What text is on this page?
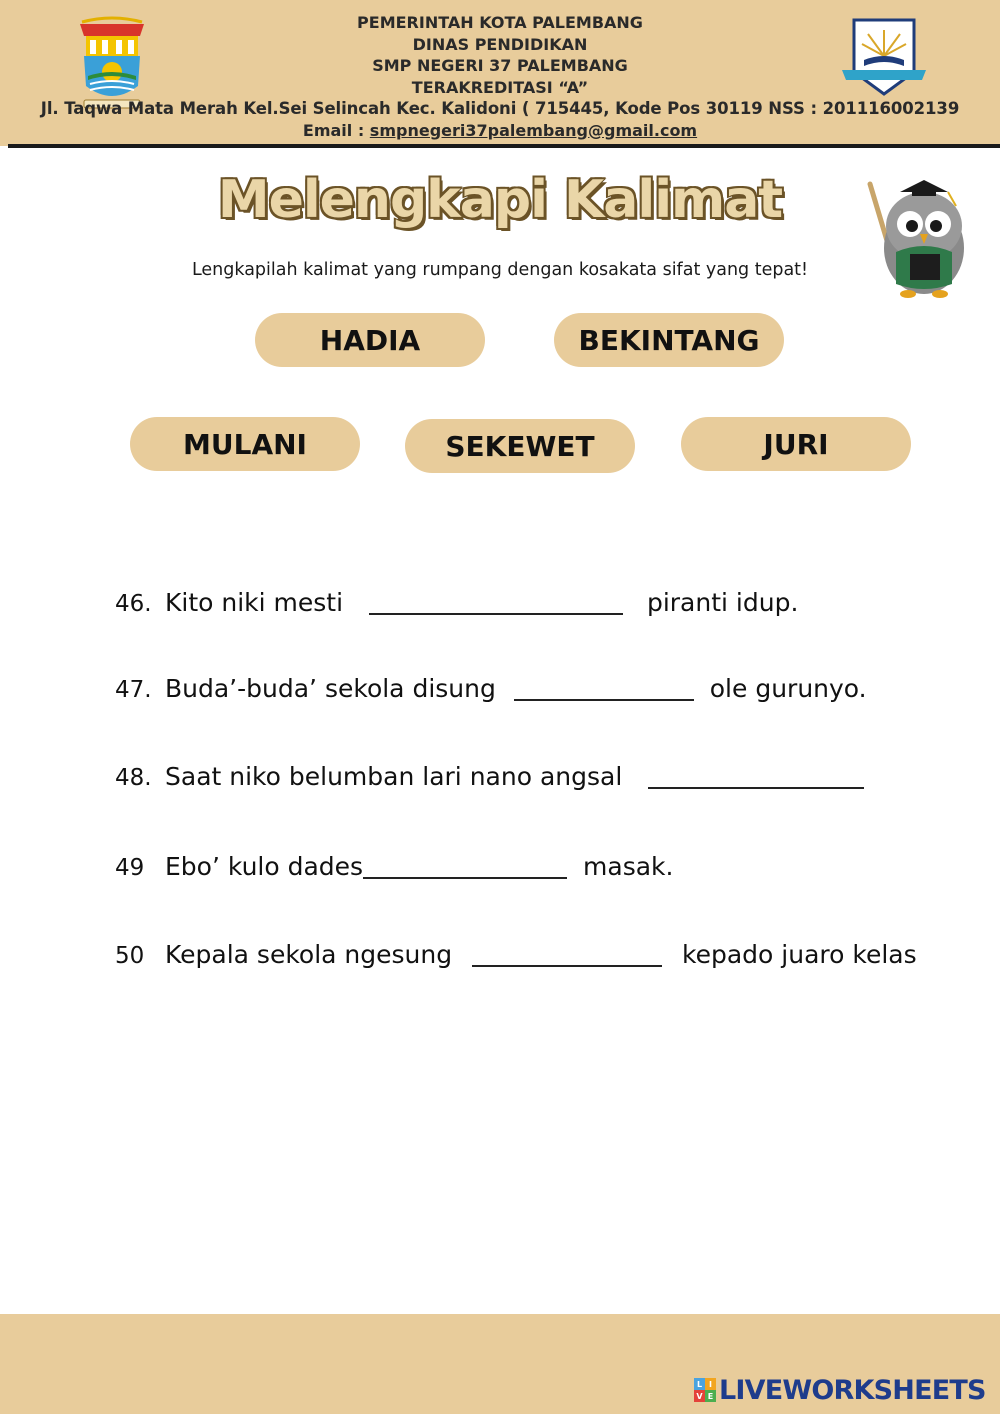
PEMERINTAH KOTA PALEMBANG
DINAS PENDIDIKAN
SMP NEGERI 37 PALEMBANG
TERAKREDITASI “A”
Jl. Taqwa Mata Merah Kel.Sei Selincah Kec. Kalidoni ( 715445, Kode Pos 30119 NSS : 201116002139
Email : smpnegeri37palembang@gmail.com
Melengkapi Kalimat
Lengkapilah kalimat yang rumpang dengan kosakata sifat yang tepat!
HADIA	BEKINTANG
MULANI	SEKEWET	JURI
46. Kito niki mesti	piranti idup.
47. Buda’-buda’ sekola disung	ole gurunyo.
48. Saat niko belumban lari nano angsal
49 Ebo’ kulo dades	masak.
50 Kepala sekola ngesung	kepado juaro kelas
L I
V E LIVEWORKSHEETS
